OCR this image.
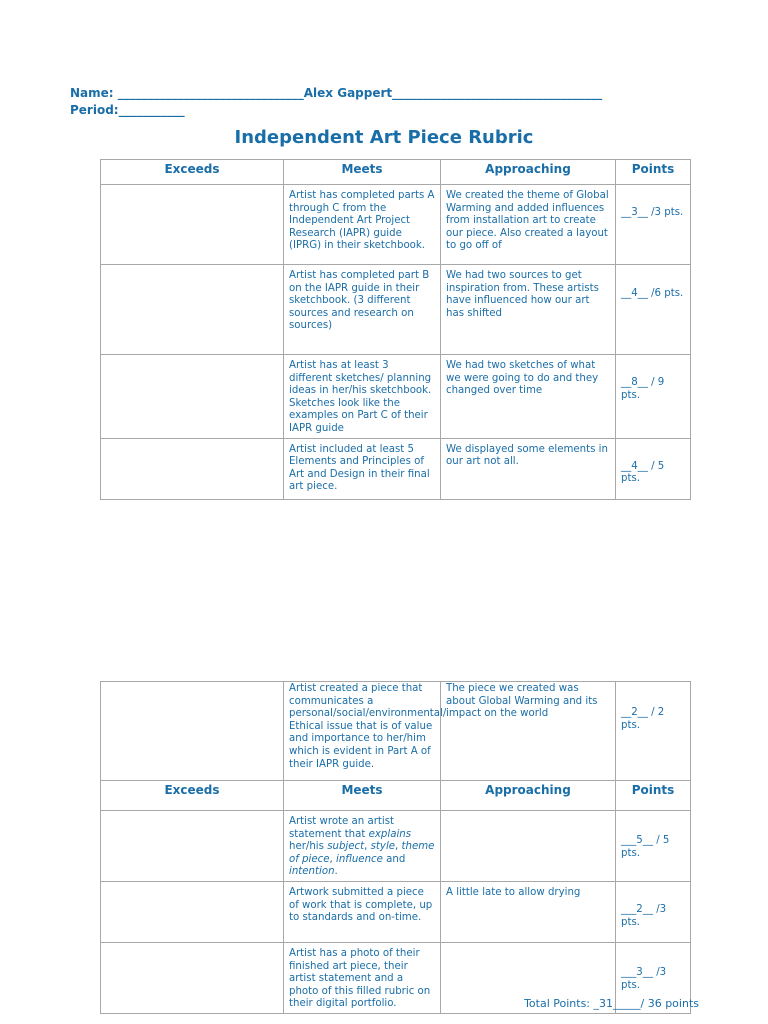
Name: _______________________________Alex Gappert___________________________________
Period:___________
Independent Art Piece Rubric
Exceeds	Meets	Approaching	Points

	Artist has completed parts A through C from the Independent Art Project Research (IAPR) guide (IPRG) in their sketchbook.	We created the theme of Global Warming and added influences from installation art to create our piece. Also created a layout to go off of	__3__ /3 pts.

	Artist has completed part B on the IAPR guide in their sketchbook. (3 different sources and research on sources)	We had two sources to get inspiration from. These artists have influenced how our art has shifted	__4__ /6 pts.

	Artist has at least 3 different sketches/ planning ideas in her/his sketchbook. Sketches look like the examples on Part C of their IAPR guide	We had two sketches of what we were going to do and they changed over time	__8__ / 9 pts.

	Artist included at least 5 Elements and Principles of Art and Design in their final art piece.	We displayed some elements in our art not all.	__4__ / 5 pts.

	Artist created a piece that communicates a personal/social/environmental/ Ethical issue that is of value and importance to her/him which is evident in Part A of their IAPR guide.	The piece we created was about Global Warming and its impact on the world	__2__ / 2 pts.

Exceeds	Meets	Approaching	Points

	Artist wrote an artist statement that explains her/his subject, style, theme of piece, influence and intention.		___5__ / 5 pts.

	Artwork submitted a piece of work that is complete, up to standards and on-time.	A little late to allow drying	___2__ /3 pts.

	Artist has a photo of their finished art piece, their artist statement and a photo of this filled rubric on their digital portfolio.		___3__ /3 pts.
Total Points: _31_____/ 36 points
